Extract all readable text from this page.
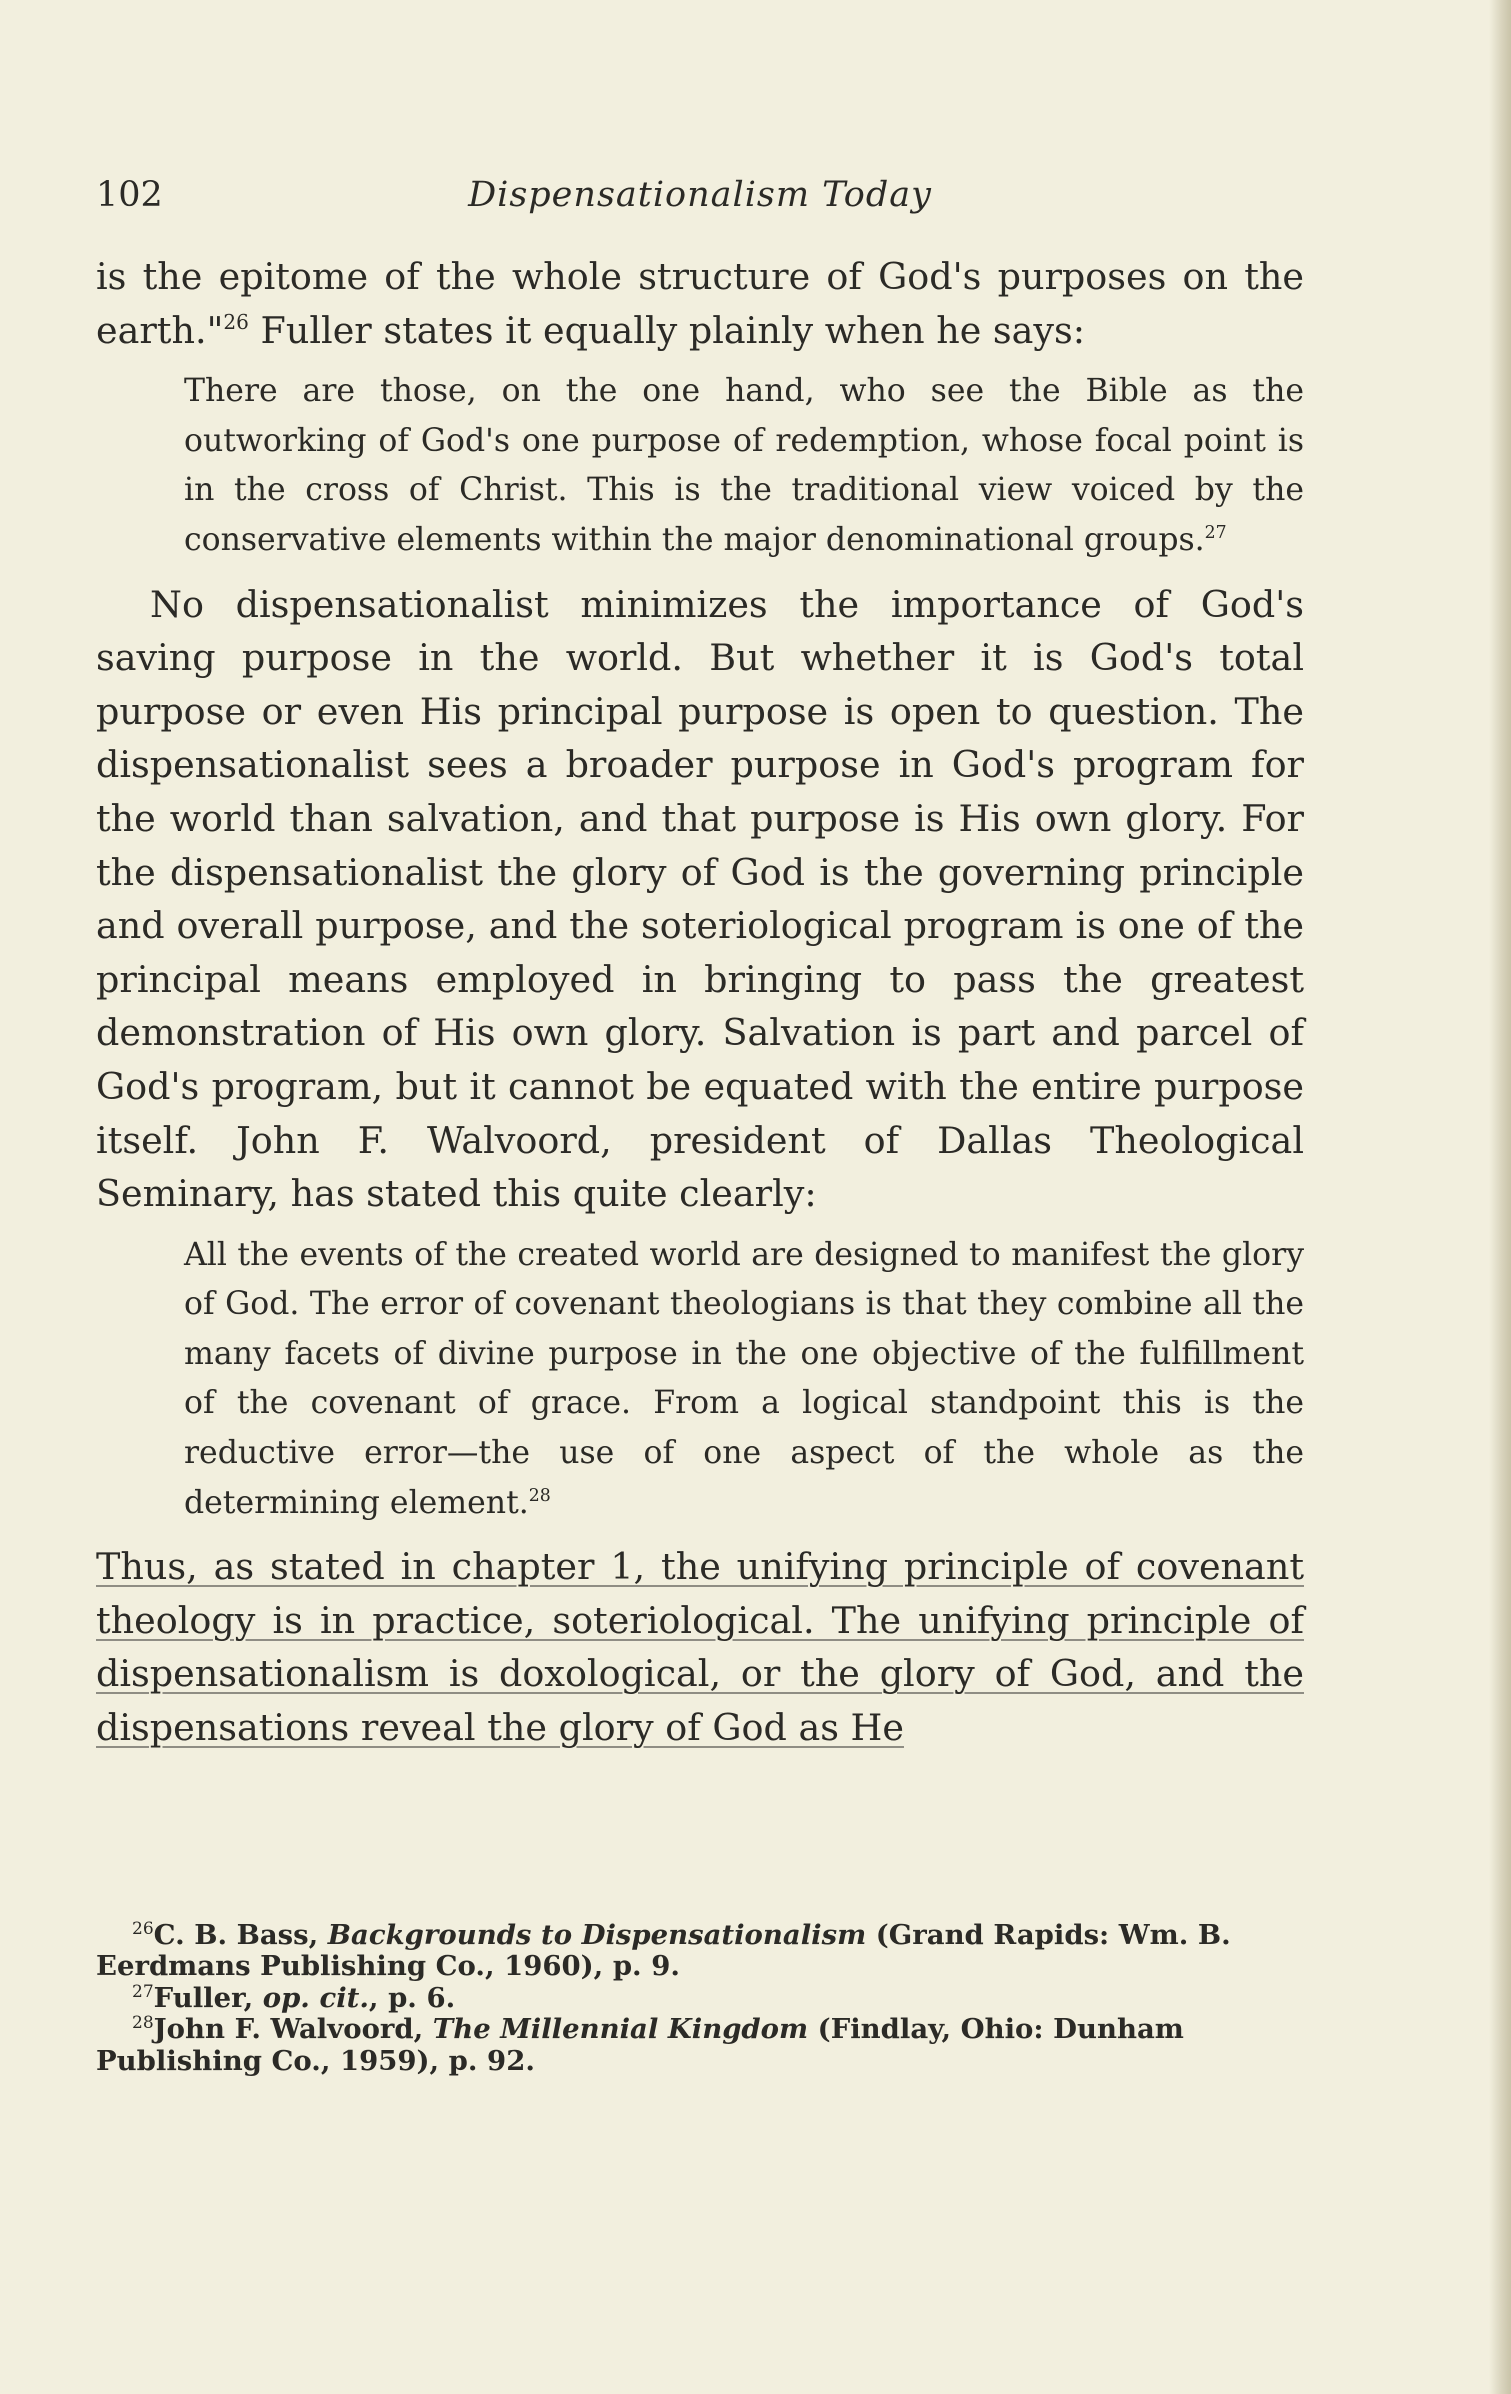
102	Dispensationalism Today

is the epitome of the whole structure of God's purposes on the earth."$^{26}$ Fuller states it equally plainly when he says:

There are those, on the one hand, who see the Bible as the outworking of God's one purpose of redemption, whose focal point is in the cross of Christ. This is the traditional view voiced by the conservative elements within the major denominational groups.$^{27}$

No dispensationalist minimizes the importance of God's saving purpose in the world. But whether it is God's total purpose or even His principal purpose is open to question. The dispensationalist sees a broader purpose in God's program for the world than salvation, and that purpose is His own glory. For the dispensationalist the glory of God is the governing principle and overall purpose, and the soteriological program is one of the principal means employed in bringing to pass the greatest demonstration of His own glory. Salvation is part and parcel of God's program, but it cannot be equated with the entire purpose itself. John F. Walvoord, president of Dallas Theological Seminary, has stated this quite clearly:

All the events of the created world are designed to manifest the glory of God. The error of covenant theologians is that they combine all the many facets of divine purpose in the one objective of the fulfillment of the covenant of grace. From a logical standpoint this is the reductive error—the use of one aspect of the whole as the determining element.$^{28}$

Thus, as stated in chapter 1, the unifying principle of covenant theology is in practice, soteriological. The unifying principle of dispensationalism is doxological, or the glory of God, and the dispensations reveal the glory of God as He

$^{26}$C. B. Bass, Backgrounds to Dispensationalism (Grand Rapids: Wm. B. Eerdmans Publishing Co., 1960), p. 9.

$^{27}$Fuller, op. cit., p. 6.

$^{28}$John F. Walvoord, The Millennial Kingdom (Findlay, Ohio: Dunham Publishing Co., 1959), p. 92.
